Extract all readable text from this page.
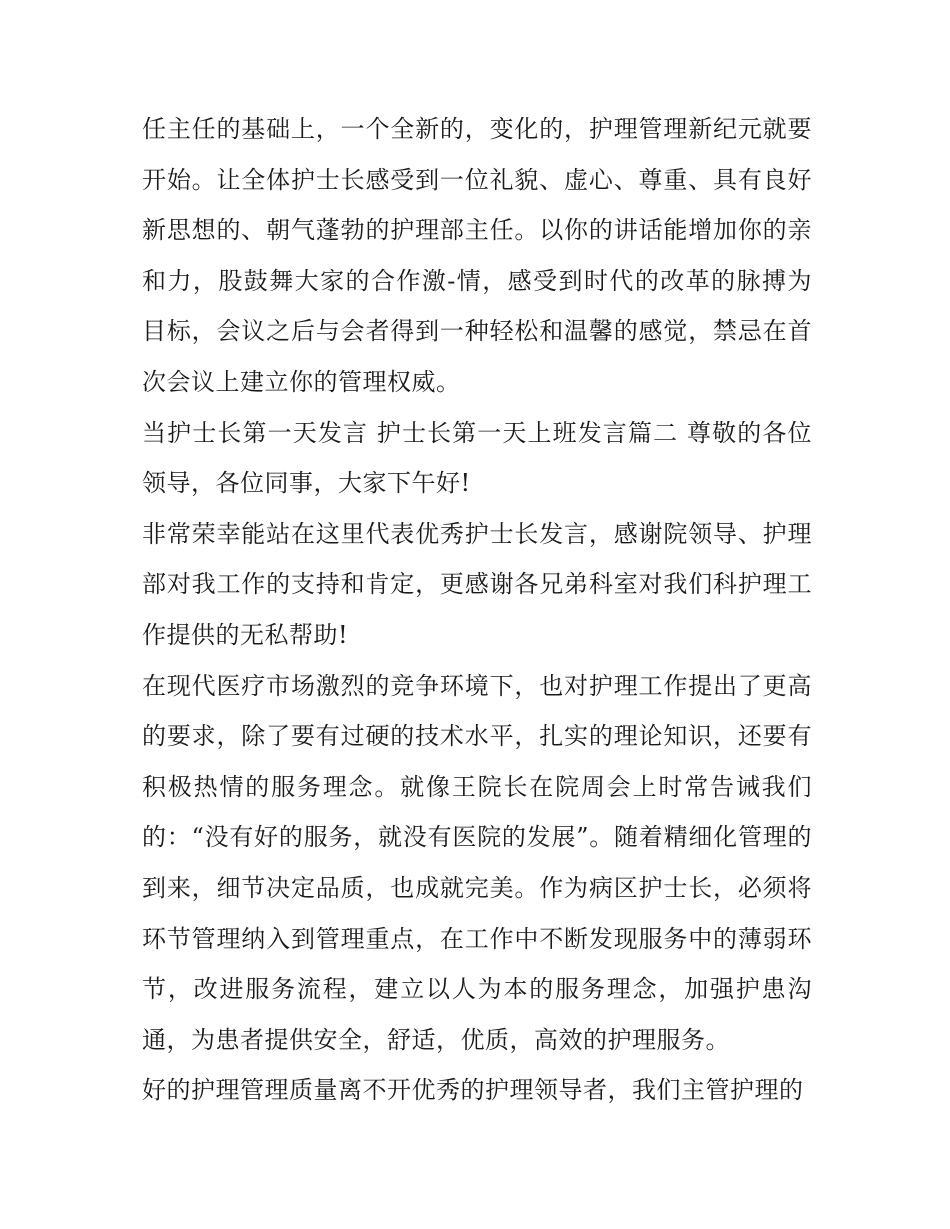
任主任的基础上，一个全新的，变化的，护理管理新纪元就要开始。让全体护士长感受到一位礼貌、虚心、尊重、具有良好新思想的、朝气蓬勃的护理部主任。以你的讲话能增加你的亲和力，股鼓舞大家的合作激-情，感受到时代的改革的脉搏为目标，会议之后与会者得到一种轻松和温馨的感觉，禁忌在首次会议上建立你的管理权威。

当护士长第一天发言 护士长第一天上班发言篇二 尊敬的各位领导，各位同事，大家下午好!

非常荣幸能站在这里代表优秀护士长发言，感谢院领导、护理部对我工作的支持和肯定，更感谢各兄弟科室对我们科护理工作提供的无私帮助!

在现代医疗市场激烈的竞争环境下，也对护理工作提出了更高的要求，除了要有过硬的技术水平，扎实的理论知识，还要有积极热情的服务理念。就像王院长在院周会上时常告诫我们的：“没有好的服务，就没有医院的发展”。随着精细化管理的到来，细节决定品质，也成就完美。作为病区护士长，必须将环节管理纳入到管理重点，在工作中不断发现服务中的薄弱环节，改进服务流程，建立以人为本的服务理念，加强护患沟通，为患者提供安全，舒适，优质，高效的护理服务。

好的护理管理质量离不开优秀的护理领导者，我们主管护理的
